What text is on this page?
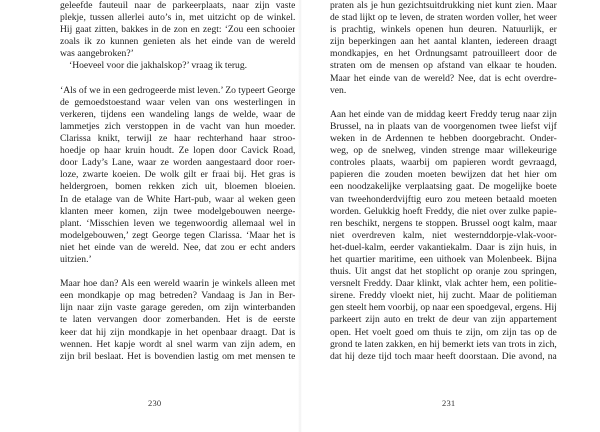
geleefde fauteuil naar de parkeerplaats, naar zijn vaste
plekje, tussen allerlei auto’s in, met uitzicht op de winkel.
Hij gaat zitten, bakkes in de zon en zegt: ‘Zou een schooier
zoals ik zo kunnen genieten als het einde van de wereld
was aangebroken?’
‘Hoeveel voor die jakhalskop?’ vraag ik terug.
‘Als of we in een gedrogeerde mist leven.’ Zo typeert George
de gemoedstoestand waar velen van ons westerlingen in
verkeren, tijdens een wandeling langs de welde, waar de
lammetjes zich verstoppen in de vacht van hun moeder.
Clarissa knikt, terwijl ze haar rechterhand haar stroo-
hoedje op haar kruin houdt. Ze lopen door Cavick Road,
door Lady’s Lane, waar ze worden aangestaard door roer-
loze, zwarte koeien. De wolk gilt er fraai bij. Het gras is
heldergroen, bomen rekken zich uit, bloemen bloeien.
In de etalage van de White Hart-pub, waar al weken geen
klanten meer komen, zijn twee modelgebouwen neerge-
plant. ‘Misschien leven we tegenwoordig allemaal wel in
modelgebouwen,’ zegt George tegen Clarissa. ‘Maar het is
niet het einde van de wereld. Nee, dat zou er echt anders
uitzien.’
Maar hoe dan? Als een wereld waarin je winkels alleen met
een mondkapje op mag betreden? Vandaag is Jan in Ber-
lijn naar zijn vaste garage gereden, om zijn winterbanden
te laten vervangen door zomerbanden. Het is de eerste
keer dat hij zijn mondkapje in het openbaar draagt. Dat is
wennen. Het kapje wordt al snel warm van zijn adem, en
zijn bril beslaat. Het is bovendien lastig om met mensen te
230
praten als je hun gezichtsuitdrukking niet kunt zien. Maar
de stad lijkt op te leven, de straten worden voller, het weer
is prachtig, winkels openen hun deuren. Natuurlijk, er
zijn beperkingen aan het aantal klanten, iedereen draagt
mondkapjes, en het Ordnungsamt patrouilleert door de
straten om de mensen op afstand van elkaar te houden.
Maar het einde van de wereld? Nee, dat is echt overdre-
ven.
Aan het einde van de middag keert Freddy terug naar zijn
Brussel, na in plaats van de voorgenomen twee liefst vijf
weken in de Ardennen te hebben doorgebracht. Onder-
weg, op de snelweg, vinden strenge maar willekeurige
controles plaats, waarbij om papieren wordt gevraagd,
papieren die zouden moeten bewijzen dat het hier om
een noodzakelijke verplaatsing gaat. De mogelijke boete
van tweehonderdvijftig euro zou meteen betaald moeten
worden. Gelukkig hoeft Freddy, die niet over zulke papie-
ren beschikt, nergens te stoppen. Brussel oogt kalm, maar
niet overdreven kalm, niet westernddorpje-vlak-voor-
het-duel-kalm, eerder vakantiekalm. Daar is zijn huis, in
het quartier maritime, een uithoek van Molenbeek. Bijna
thuis. Uit angst dat het stoplicht op oranje zou springen,
versnelt Freddy. Daar klinkt, vlak achter hem, een politie-
sirene. Freddy vloekt niet, hij zucht. Maar de politieman
gen steelt hem voorbij, op naar een spoedgeval, ergens. Hij
parkeert zijn auto en trekt de deur van zijn appartement
open. Het voelt goed om thuis te zijn, om zijn tas op de
grond te laten zakken, en hij bemerkt iets van trots in zich,
dat hij deze tijd toch maar heeft doorstaan. Die avond, na
231
